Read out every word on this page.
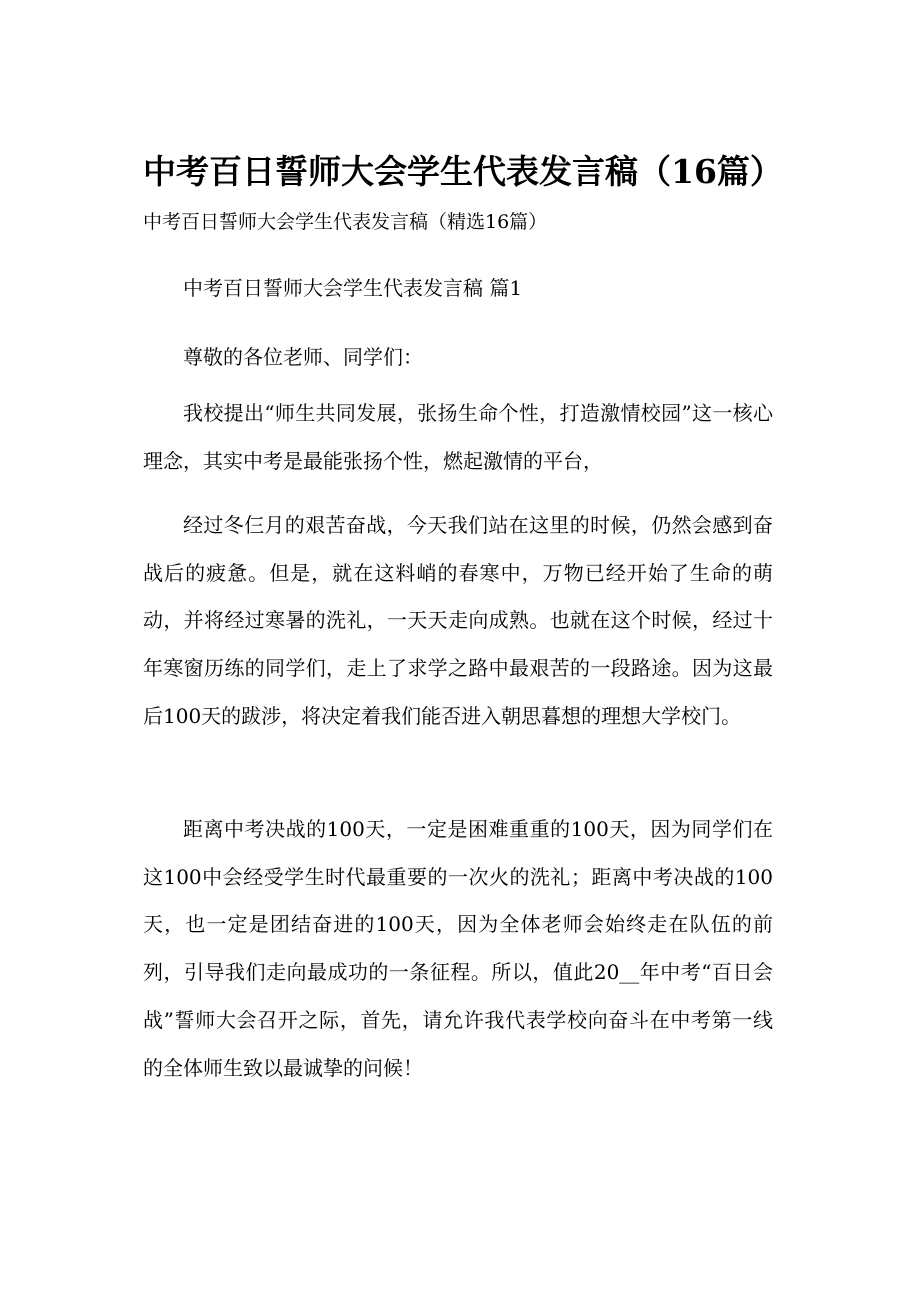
中考百日誓师大会学生代表发言稿（16篇）

中考百日誓师大会学生代表发言稿（精选16篇）

中考百日誓师大会学生代表发言稿 篇1

尊敬的各位老师、同学们：

我校提出“师生共同发展，张扬生命个性，打造激情校园”这一核心理念，其实中考是最能张扬个性，燃起激情的平台，

经过冬仨月的艰苦奋战，今天我们站在这里的时候，仍然会感到奋战后的疲惫。但是，就在这料峭的春寒中，万物已经开始了生命的萌动，并将经过寒暑的洗礼，一天天走向成熟。也就在这个时候，经过十年寒窗历练的同学们，走上了求学之路中最艰苦的一段路途。因为这最后100天的跋涉，将决定着我们能否进入朝思暮想的理想大学校门。

距离中考决战的100天，一定是困难重重的100天，因为同学们在这100中会经受学生时代最重要的一次火的洗礼；距离中考决战的100天，也一定是团结奋进的100天，因为全体老师会始终走在队伍的前列，引导我们走向最成功的一条征程。所以，值此20__年中考“百日会战”誓师大会召开之际，首先，请允许我代表学校向奋斗在中考第一线的全体师生致以最诚挚的问候！
